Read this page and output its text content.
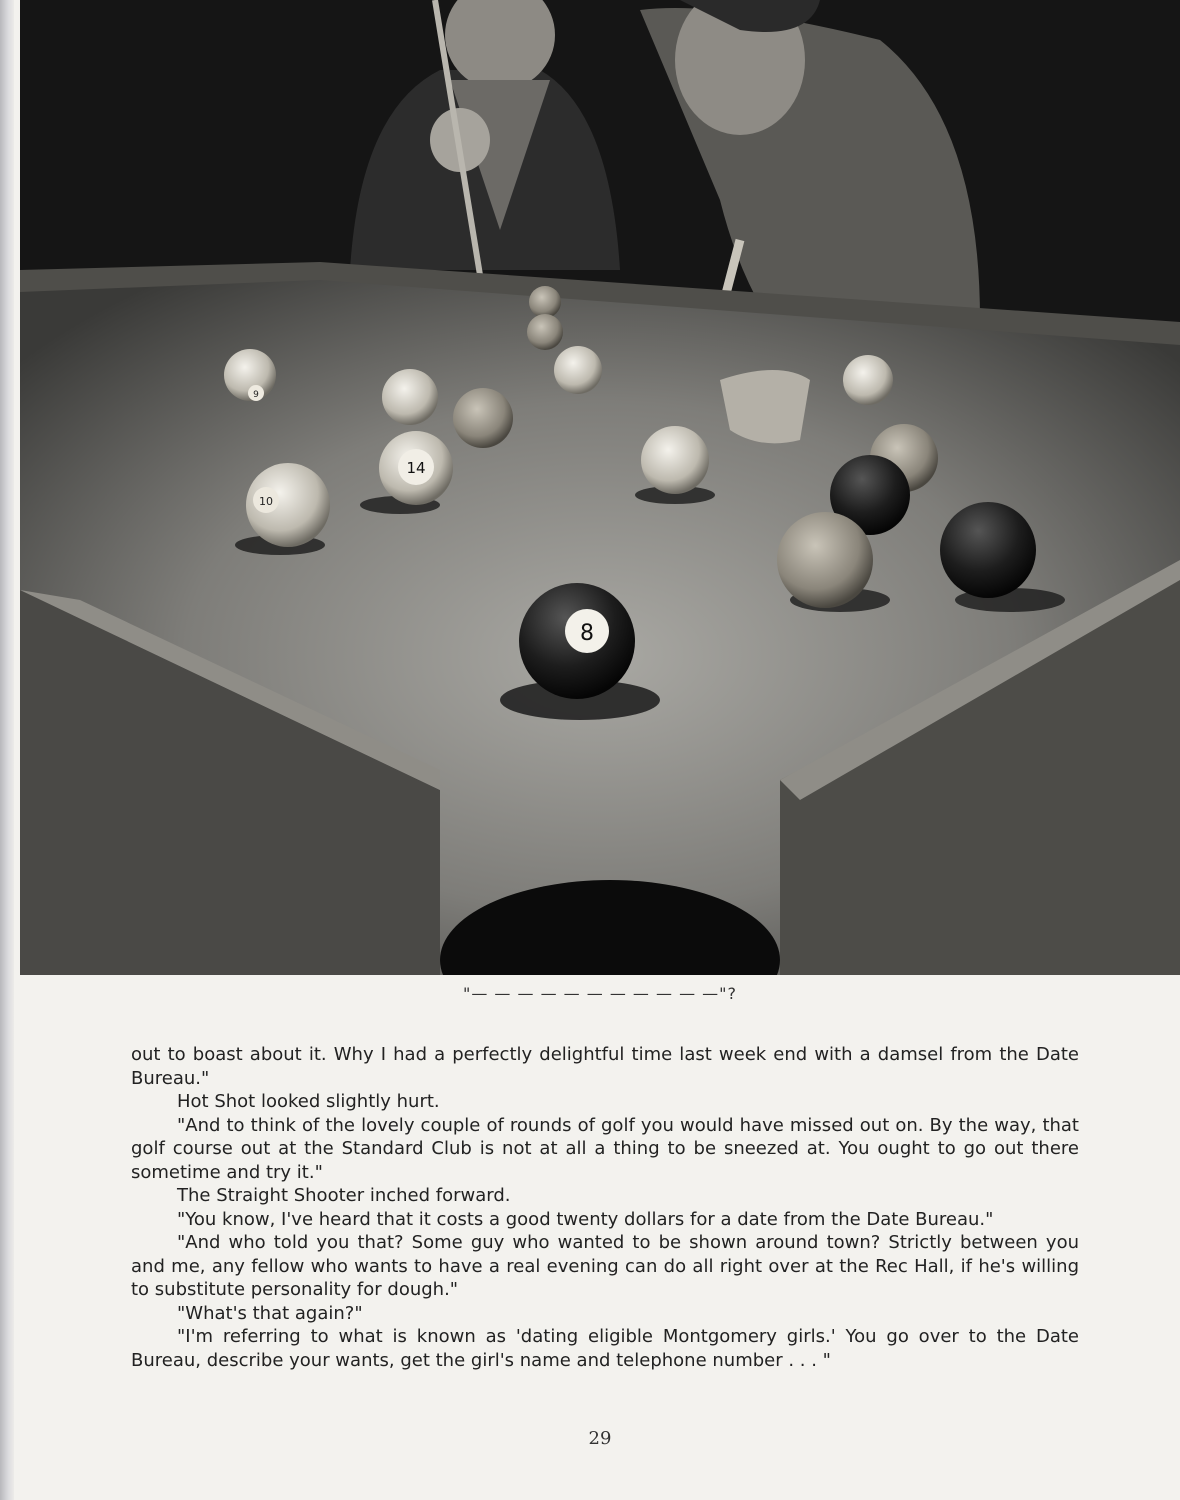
9
14
10
8
"— — — — — — — — — — —"?

out to boast about it. Why I had a perfectly delightful time last week end with a damsel from the Date Bureau."

Hot Shot looked slightly hurt.

"And to think of the lovely couple of rounds of golf you would have missed out on. By the way, that golf course out at the Standard Club is not at all a thing to be sneezed at. You ought to go out there sometime and try it."

The Straight Shooter inched forward.

"You know, I've heard that it costs a good twenty dollars for a date from the Date Bureau."

"And who told you that? Some guy who wanted to be shown around town? Strictly between you and me, any fellow who wants to have a real evening can do all right over at the Rec Hall, if he's willing to substitute personality for dough."

"What's that again?"

"I'm referring to what is known as 'dating eligible Montgomery girls.' You go over to the Date Bureau, describe your wants, get the girl's name and telephone number . . . "

29
